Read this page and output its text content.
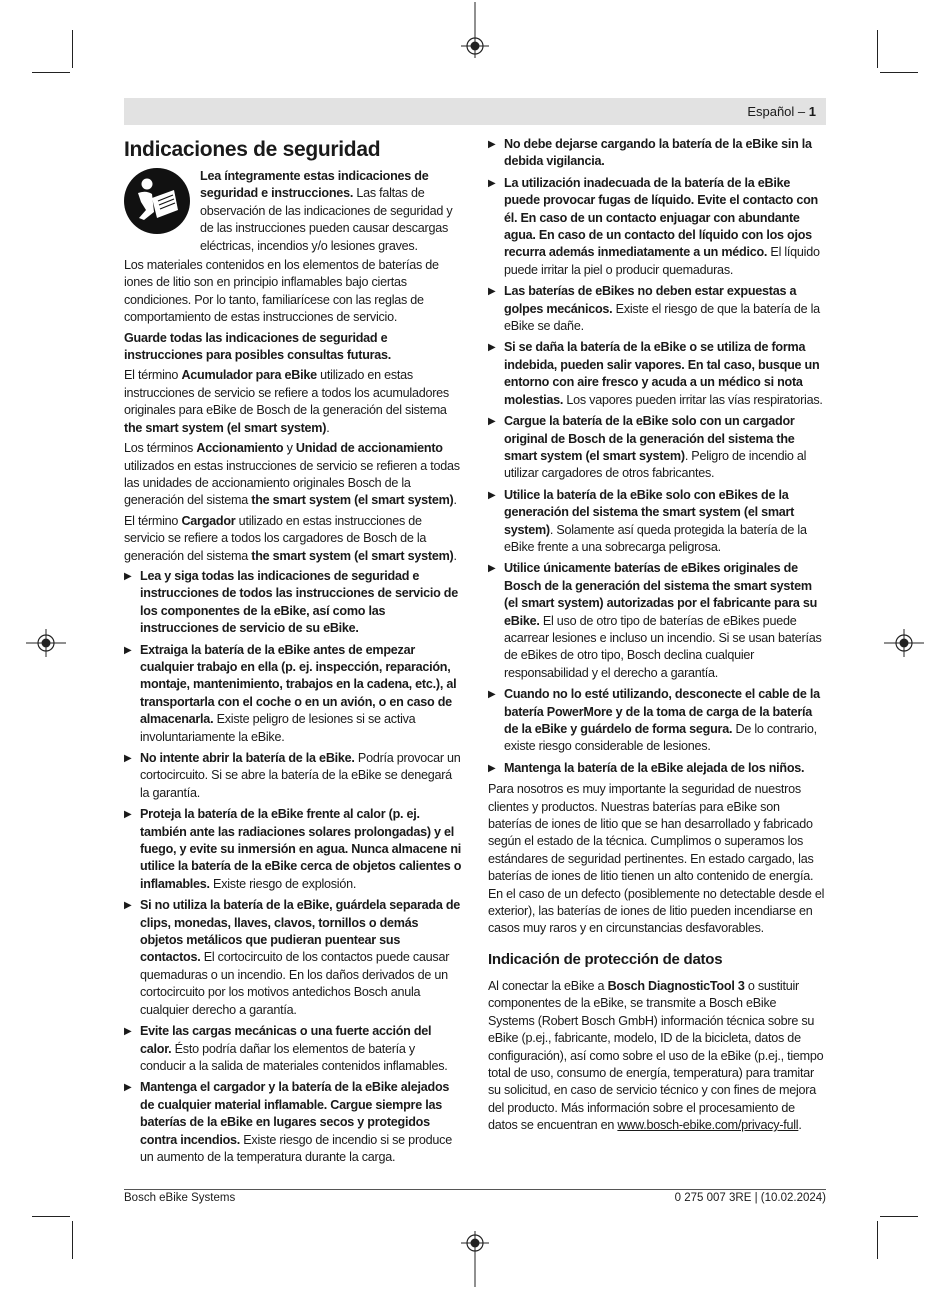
Español – 1
Indicaciones de seguridad
Lea íntegramente estas indicaciones de seguridad e instrucciones. Las faltas de observación de las indicaciones de seguridad y de las instrucciones pueden causar descargas eléctricas, incendios y/o lesiones graves.

Los materiales contenidos en los elementos de baterías de iones de litio son en principio inflamables bajo ciertas condiciones. Por lo tanto, familiarícese con las reglas de comportamiento de estas instrucciones de servicio.

Guarde todas las indicaciones de seguridad e instrucciones para posibles consultas futuras.

El término Acumulador para eBike utilizado en estas instrucciones de servicio se refiere a todos los acumuladores originales para eBike de Bosch de la generación del sistema the smart system (el smart system).

Los términos Accionamiento y Unidad de accionamiento utilizados en estas instrucciones de servicio se refieren a todas las unidades de accionamiento originales Bosch de la generación del sistema the smart system (el smart system).

El término Cargador utilizado en estas instrucciones de servicio se refiere a todos los cargadores de Bosch de la generación del sistema the smart system (el smart system).

▶ Lea y siga todas las indicaciones de seguridad e instrucciones de todos las instrucciones de servicio de los componentes de la eBike, así como las instrucciones de servicio de su eBike.

▶ Extraiga la batería de la eBike antes de empezar cualquier trabajo en ella (p. ej. inspección, reparación, montaje, mantenimiento, trabajos en la cadena, etc.), al transportarla con el coche o en un avión, o en caso de almacenarla. Existe peligro de lesiones si se activa involuntariamente la eBike.

▶ No intente abrir la batería de la eBike. Podría provocar un cortocircuito. Si se abre la batería de la eBike se denegará la garantía.

▶ Proteja la batería de la eBike frente al calor (p. ej. también ante las radiaciones solares prolongadas) y el fuego, y evite su inmersión en agua. Nunca almacene ni utilice la batería de la eBike cerca de objetos calientes o inflamables. Existe riesgo de explosión.

▶ Si no utiliza la batería de la eBike, guárdela separada de clips, monedas, llaves, clavos, tornillos o demás objetos metálicos que pudieran puentear sus contactos. El cortocircuito de los contactos puede causar quemaduras o un incendio. En los daños derivados de un cortocircuito por los motivos antedichos Bosch anula cualquier derecho a garantía.

▶ Evite las cargas mecánicas o una fuerte acción del calor. Ésto podría dañar los elementos de batería y conducir a la salida de materiales contenidos inflamables.

▶ Mantenga el cargador y la batería de la eBike alejados de cualquier material inflamable. Cargue siempre las baterías de la eBike en lugares secos y protegidos contra incendios. Existe riesgo de incendio si se produce un aumento de la temperatura durante la carga.

▶ No debe dejarse cargando la batería de la eBike sin la debida vigilancia.

▶ La utilización inadecuada de la batería de la eBike puede provocar fugas de líquido. Evite el contacto con él. En caso de un contacto enjuagar con abundante agua. En caso de un contacto del líquido con los ojos recurra además inmediatamente a un médico. El líquido puede irritar la piel o producir quemaduras.

▶ Las baterías de eBikes no deben estar expuestas a golpes mecánicos. Existe el riesgo de que la batería de la eBike se dañe.

▶ Si se daña la batería de la eBike o se utiliza de forma indebida, pueden salir vapores. En tal caso, busque un entorno con aire fresco y acuda a un médico si nota molestias. Los vapores pueden irritar las vías respiratorias.

▶ Cargue la batería de la eBike solo con un cargador original de Bosch de la generación del sistema the smart system (el smart system). Peligro de incendio al utilizar cargadores de otros fabricantes.

▶ Utilice la batería de la eBike solo con eBikes de la generación del sistema the smart system (el smart system). Solamente así queda protegida la batería de la eBike frente a una sobrecarga peligrosa.

▶ Utilice únicamente baterías de eBikes originales de Bosch de la generación del sistema the smart system (el smart system) autorizadas por el fabricante para su eBike. El uso de otro tipo de baterías de eBikes puede acarrear lesiones e incluso un incendio. Si se usan baterías de eBikes de otro tipo, Bosch declina cualquier responsabilidad y el derecho a garantía.

▶ Cuando no lo esté utilizando, desconecte el cable de la batería PowerMore y de la toma de carga de la batería de la eBike y guárdelo de forma segura. De lo contrario, existe riesgo considerable de lesiones.

▶ Mantenga la batería de la eBike alejada de los niños.

Para nosotros es muy importante la seguridad de nuestros clientes y productos. Nuestras baterías para eBike son baterías de iones de litio que se han desarrollado y fabricado según el estado de la técnica. Cumplimos o superamos los estándares de seguridad pertinentes. En estado cargado, las baterías de iones de litio tienen un alto contenido de energía. En el caso de un defecto (posiblemente no detectable desde el exterior), las baterías de iones de litio pueden incendiarse en casos muy raros y en circunstancias desfavorables.

Indicación de protección de datos

Al conectar la eBike a Bosch DiagnosticTool 3 o sustituir componentes de la eBike, se transmite a Bosch eBike Systems (Robert Bosch GmbH) información técnica sobre su eBike (p.ej., fabricante, modelo, ID de la bicicleta, datos de configuración), así como sobre el uso de la eBike (p.ej., tiempo total de uso, consumo de energía, temperatura) para tramitar su solicitud, en caso de servicio técnico y con fines de mejora del producto. Más información sobre el procesamiento de datos se encuentran en www.bosch-ebike.com/privacy-full.

Bosch eBike Systems	0 275 007 3RE | (10.02.2024)
